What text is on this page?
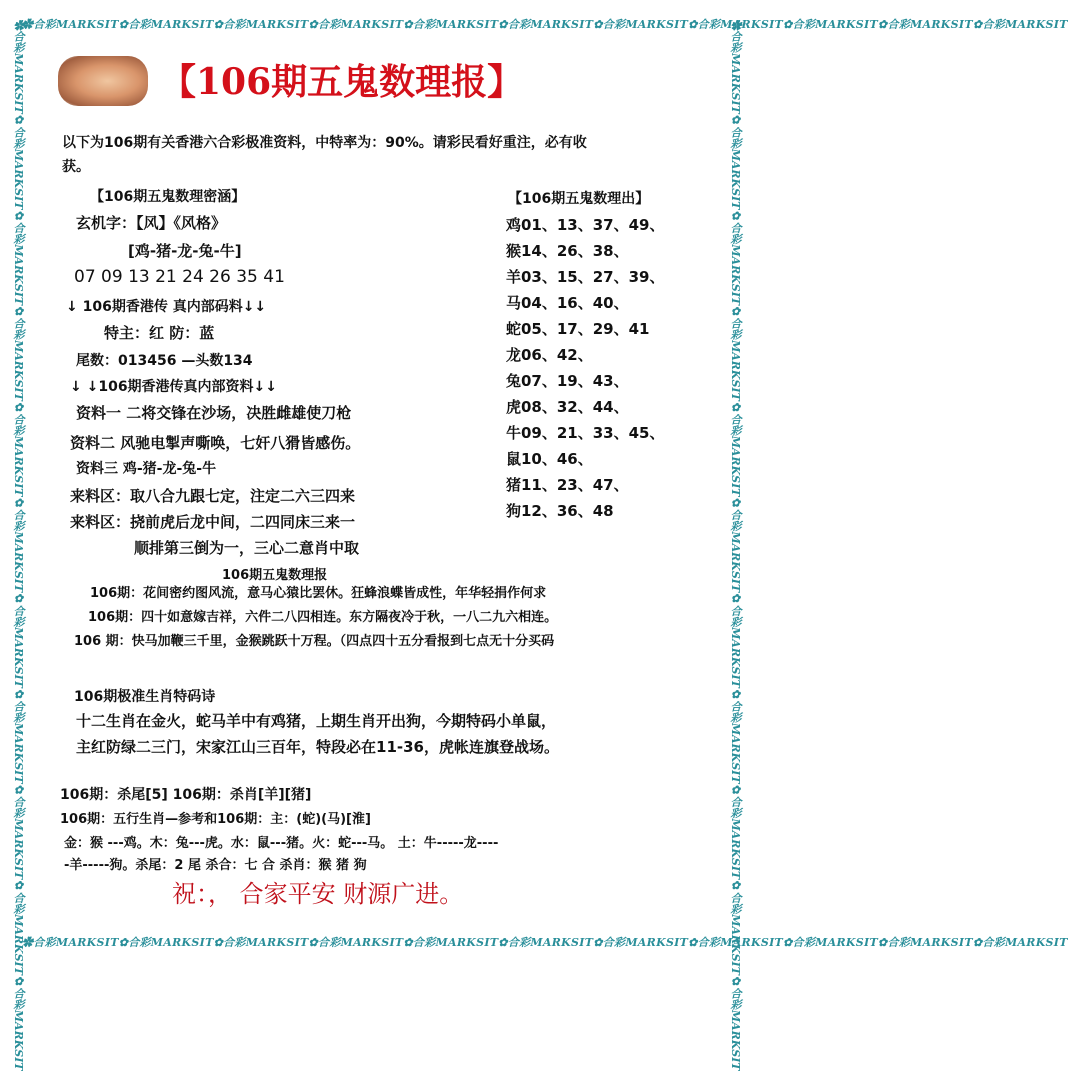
✿合彩MARKSIT✿合彩MARKSIT✿合彩MARKSIT✿合彩MARKSIT✿合彩MARKSIT✿合彩MARKSIT✿合彩MARKSIT✿合彩MARKSIT✿合彩MARKSIT✿合彩MARKSIT✿合彩MARKSIT
✿合彩MARKSIT✿合彩MARKSIT✿合彩MARKSIT✿合彩MARKSIT✿合彩MARKSIT✿合彩MARKSIT✿合彩MARKSIT✿合彩MARKSIT✿合彩MARKSIT✿合彩MARKSIT✿合彩MARKSIT
✿合彩MARKSIT✿合彩MARKSIT✿合彩MARKSIT✿合彩MARKSIT✿合彩MARKSIT✿合彩MARKSIT✿合彩MARKSIT✿合彩MARKSIT✿合彩MARKSIT✿合彩MARKSIT✿合彩MARKSIT	✿合彩MARKSIT✿合彩MARKSIT✿合彩MARKSIT✿合彩MARKSIT✿合彩MARKSIT✿合彩MARKSIT✿合彩MARKSIT✿合彩MARKSIT✿合彩MARKSIT✿合彩MARKSIT✿合彩MARKSIT
【106期五鬼数理报】
以下为106期有关香港六合彩极准资料，中特率为：90%。请彩民看好重注，必有收
获。
【106期五鬼数理密涵】
玄机字：【风】《风格》
[鸡-猪-龙-兔-牛]
07 09 13 21 24 26 35 41
↓ 106期香港传 真内部码料↓↓
特主：红 防：蓝
尾数：013456 —头数134
↓ ↓106期香港传真内部资料↓↓
资料一 二将交锋在沙场，决胜雌雄使刀枪
资料二 风驰电掣声嘶唤，七奸八猾皆感伤。
资料三 鸡-猪-龙-兔-牛
来料区：取八合九跟七定，注定二六三四来
来料区：挠前虎后龙中间，二四同床三来一
顺排第三倒为一，三心二意肖中取
【106期五鬼数理出】
鸡01、13、37、49、
猴14、26、38、
羊03、15、27、39、
马04、16、40、
蛇05、17、29、41
龙06、42、
兔07、19、43、
虎08、32、44、
牛09、21、33、45、
鼠10、46、
猪11、23、47、
狗12、36、48
106期五鬼数理报
106期：花间密约图风流，意马心猿比罢休。狂蜂浪蝶皆成性，年华轻捐作何求
106期：四十如意嫁吉祥，六件二八四相连。东方隔夜冷于秋，一八二九六相连。
106 期：快马加鞭三千里，金猴跳跃十万程。（四点四十五分看报到七点无十分买码
106期极准生肖特码诗
十二生肖在金火，蛇马羊中有鸡猪，上期生肖开出狗，今期特码小单鼠，
主红防绿二三门，宋家江山三百年，特段必在11-36，虎帐连旗登战场。
106期：杀尾[5] 106期：杀肖[羊][猪]
106期：五行生肖—参考和106期：主：(蛇)(马)[淮]
金：猴 ---鸡。木：兔---虎。水：鼠---猪。火：蛇---马。 土：牛-----龙----
-羊-----狗。杀尾：2 尾 杀合：七 合 杀肖：猴 猪 狗
祝：， 合家平安 财源广进。
